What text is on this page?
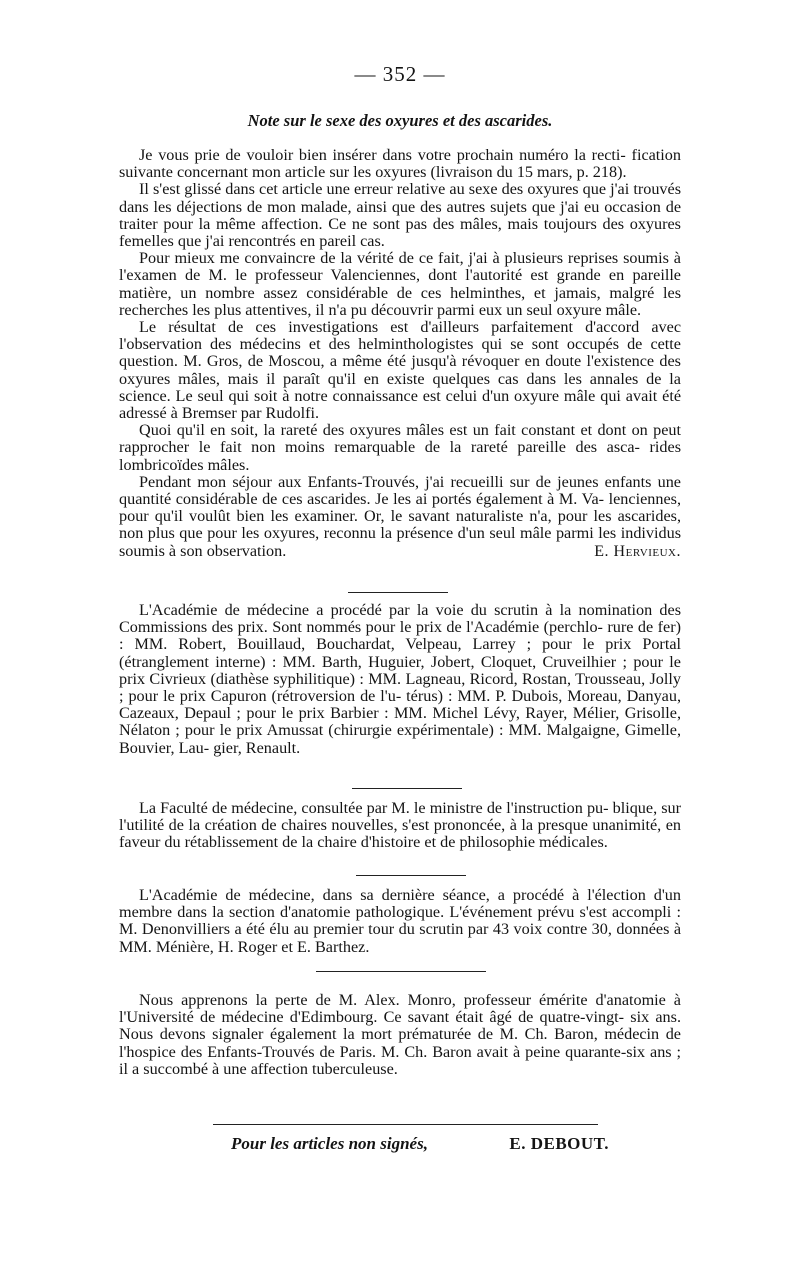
— 352 —
Note sur le sexe des oxyures et des ascarides.

Je vous prie de vouloir bien insérer dans votre prochain numéro la recti- fication suivante concernant mon article sur les oxyures (livraison du 15 mars, p. 218).

Il s'est glissé dans cet article une erreur relative au sexe des oxyures que j'ai trouvés dans les déjections de mon malade, ainsi que des autres sujets que j'ai eu occasion de traiter pour la même affection. Ce ne sont pas des mâles, mais toujours des oxyures femelles que j'ai rencontrés en pareil cas.

Pour mieux me convaincre de la vérité de ce fait, j'ai à plusieurs reprises soumis à l'examen de M. le professeur Valenciennes, dont l'autorité est grande en pareille matière, un nombre assez considérable de ces helminthes, et jamais, malgré les recherches les plus attentives, il n'a pu découvrir parmi eux un seul oxyure mâle.

Le résultat de ces investigations est d'ailleurs parfaitement d'accord avec l'observation des médecins et des helminthologistes qui se sont occupés de cette question. M. Gros, de Moscou, a même été jusqu'à révoquer en doute l'existence des oxyures mâles, mais il paraît qu'il en existe quelques cas dans les annales de la science. Le seul qui soit à notre connaissance est celui d'un oxyure mâle qui avait été adressé à Bremser par Rudolfi.

Quoi qu'il en soit, la rareté des oxyures mâles est un fait constant et dont on peut rapprocher le fait non moins remarquable de la rareté pareille des asca- rides lombricoïdes mâles.

Pendant mon séjour aux Enfants-Trouvés, j'ai recueilli sur de jeunes enfants une quantité considérable de ces ascarides. Je les ai portés également à M. Va- lenciennes, pour qu'il voulût bien les examiner. Or, le savant naturaliste n'a, pour les ascarides, non plus que pour les oxyures, reconnu la présence d'un seul mâle parmi les individus soumis à son observation.	E. Hervieux.

L'Académie de médecine a procédé par la voie du scrutin à la nomination des Commissions des prix. Sont nommés pour le prix de l'Académie (perchlo- rure de fer) : MM. Robert, Bouillaud, Bouchardat, Velpeau, Larrey ; pour le prix Portal (étranglement interne) : MM. Barth, Huguier, Jobert, Cloquet, Cruveilhier ; pour le prix Civrieux (diathèse syphilitique) : MM. Lagneau, Ricord, Rostan, Trousseau, Jolly ; pour le prix Capuron (rétroversion de l'u- térus) : MM. P. Dubois, Moreau, Danyau, Cazeaux, Depaul ; pour le prix Barbier : MM. Michel Lévy, Rayer, Mélier, Grisolle, Nélaton ; pour le prix Amussat (chirurgie expérimentale) : MM. Malgaigne, Gimelle, Bouvier, Lau- gier, Renault.

La Faculté de médecine, consultée par M. le ministre de l'instruction pu- blique, sur l'utilité de la création de chaires nouvelles, s'est prononcée, à la presque unanimité, en faveur du rétablissement de la chaire d'histoire et de philosophie médicales.

L'Académie de médecine, dans sa dernière séance, a procédé à l'élection d'un membre dans la section d'anatomie pathologique. L'événement prévu s'est accompli : M. Denonvilliers a été élu au premier tour du scrutin par 43 voix contre 30, données à MM. Ménière, H. Roger et E. Barthez.

Nous apprenons la perte de M. Alex. Monro, professeur émérite d'anatomie à l'Université de médecine d'Edimbourg. Ce savant était âgé de quatre-vingt- six ans. Nous devons signaler également la mort prématurée de M. Ch. Baron, médecin de l'hospice des Enfants-Trouvés de Paris. M. Ch. Baron avait à peine quarante-six ans ; il a succombé à une affection tuberculeuse.

Pour les articles non signés,	E. DEBOUT.
